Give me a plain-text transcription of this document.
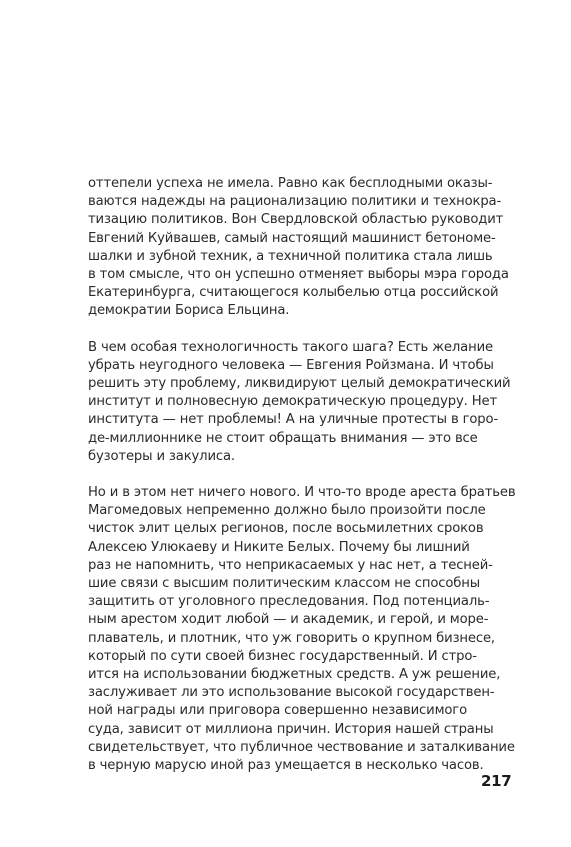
оттепели успеха не имела. Равно как бесплодными оказы-
ваются надежды на рационализацию политики и технокра-
тизацию политиков. Вон Свердловской областью руководит
Евгений Куйвашев, самый настоящий машинист бетономе-
шалки и зубной техник, а техничной политика стала лишь
в том смысле, что он успешно отменяет выборы мэра города
Екатеринбурга, считающегося колыбелью отца российской
демократии Бориса Ельцина.
В чем особая технологичность такого шага? Есть желание
убрать неугодного человека — Евгения Ройзмана. И чтобы
решить эту проблему, ликвидируют целый демократический
институт и полновесную демократическую процедуру. Нет
института — нет проблемы! А на уличные протесты в горо-
де-миллионнике не стоит обращать внимания — это все
бузотеры и закулиса.
Но и в этом нет ничего нового. И что-то вроде ареста братьев
Магомедовых непременно должно было произойти после
чисток элит целых регионов, после восьмилетних сроков
Алексею Улюкаеву и Никите Белых. Почему бы лишний
раз не напомнить, что неприкасаемых у нас нет, а тесней-
шие связи с высшим политическим классом не способны
защитить от уголовного преследования. Под потенциаль-
ным арестом ходит любой — и академик, и герой, и море-
плаватель, и плотник, что уж говорить о крупном бизнесе,
который по сути своей бизнес государственный. И стро-
ится на использовании бюджетных средств. А уж решение,
заслуживает ли это использование высокой государствен-
ной награды или приговора совершенно независимого
суда, зависит от миллиона причин. История нашей страны
свидетельствует, что публичное чествование и заталкивание
в черную марусю иной раз умещается в несколько часов.
217
